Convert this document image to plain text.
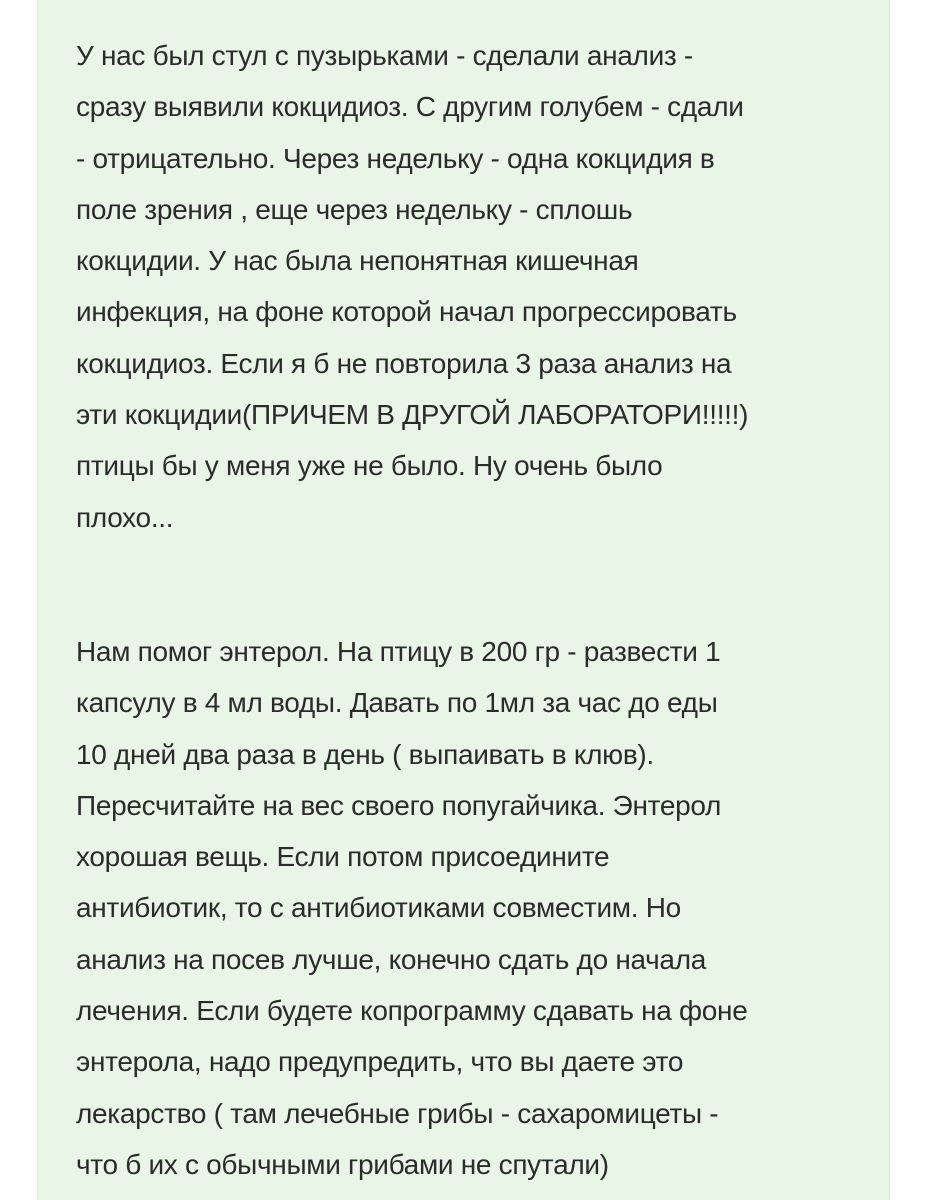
У нас был стул с пузырьками - сделали анализ -
сразу выявили кокцидиоз. С другим голубем - сдали
- отрицательно. Через недельку - одна кокцидия в
поле зрения , еще через недельку - сплошь
кокцидии. У нас была непонятная кишечная
инфекция, на фоне которой начал прогрессировать
кокцидиоз. Если я б не повторила 3 раза анализ на
эти кокцидии(ПРИЧЕМ В ДРУГОЙ ЛАБОРАТОРИ!!!!!)
птицы бы у меня уже не было. Ну очень было
плохо...

Нам помог энтерол. На птицу в 200 гр - развести 1
капсулу в 4 мл воды. Давать по 1мл за час до еды
10 дней два раза в день ( выпаивать в клюв).
Пересчитайте на вес своего попугайчика. Энтерол
хорошая вещь. Если потом присоедините
антибиотик, то с антибиотиками совместим. Но
анализ на посев лучше, конечно сдать до начала
лечения. Если будете копрограмму сдавать на фоне
энтерола, надо предупредить, что вы даете это
лекарство ( там лечебные грибы - сахаромицеты -
что б их с обычными грибами не спутали)
